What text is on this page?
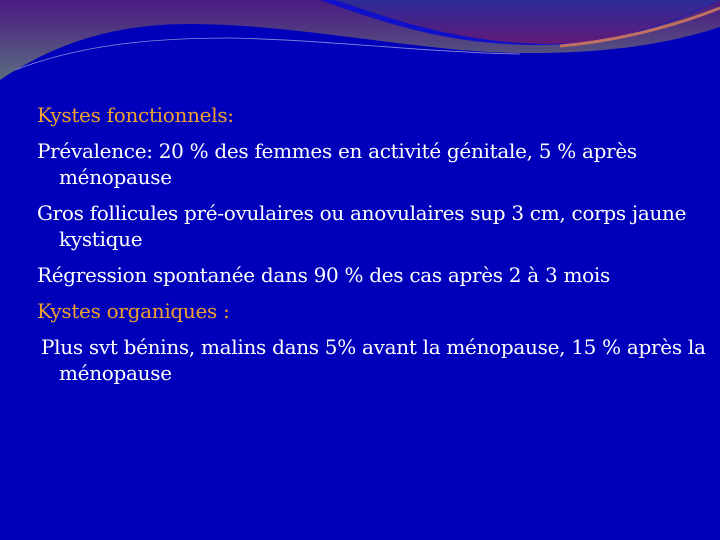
Kystes fonctionnels:
Prévalence: 20 % des femmes en activité génitale, 5 % après ménopause
Gros follicules pré-ovulaires ou anovulaires sup 3 cm, corps jaune kystique
Régression spontanée dans 90 % des cas après 2 à 3 mois
Kystes organiques :
Plus svt bénins, malins dans 5% avant la ménopause, 15 % après la ménopause
